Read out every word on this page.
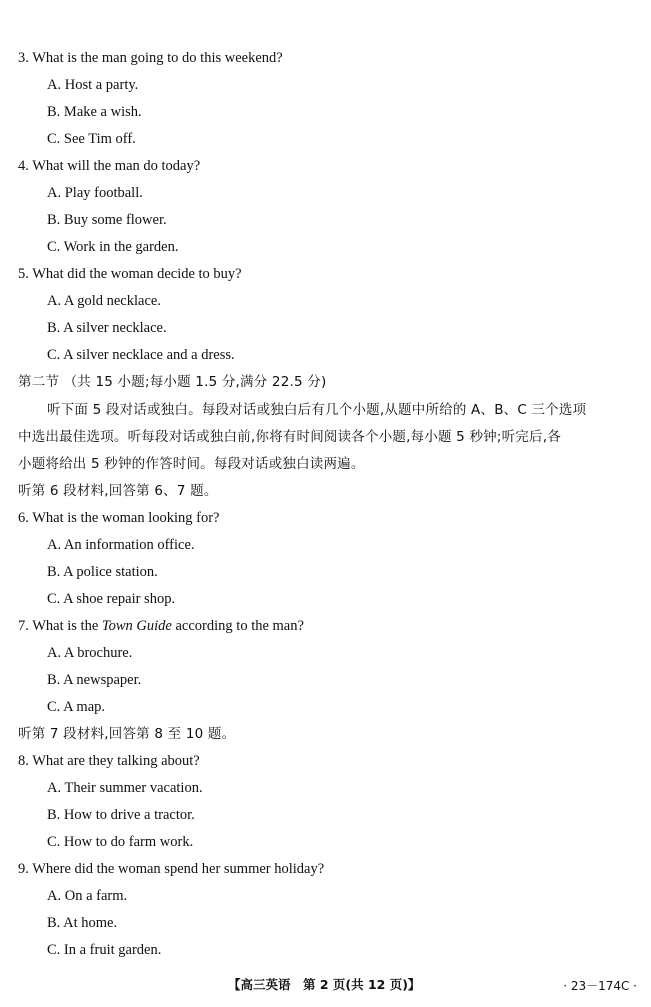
3. What is the man going to do this weekend?
A. Host a party.
B. Make a wish.
C. See Tim off.
4. What will the man do today?
A. Play football.
B. Buy some flower.
C. Work in the garden.
5. What did the woman decide to buy?
A. A gold necklace.
B. A silver necklace.
C. A silver necklace and a dress.
第二节 （共 15 小题;每小题 1.5 分,满分 22.5 分)
听下面 5 段对话或独白。每段对话或独白后有几个小题,从题中所给的 A、B、C 三个选项
中选出最佳选项。听每段对话或独白前,你将有时间阅读各个小题,每小题 5 秒钟;听完后,各
小题将给出 5 秒钟的作答时间。每段对话或独白读两遍。
听第 6 段材料,回答第 6、7 题。
6. What is the woman looking for?
A. An information office.
B. A police station.
C. A shoe repair shop.
7. What is the Town Guide according to the man?
A. A brochure.
B. A newspaper.
C. A map.
听第 7 段材料,回答第 8 至 10 题。
8. What are they talking about?
A. Their summer vacation.
B. How to drive a tractor.
C. How to do farm work.
9. Where did the woman spend her summer holiday?
A. On a farm.
B. At home.
C. In a fruit garden.
【高三英语　第 2 页(共 12 页)】	· 23－174C ·
